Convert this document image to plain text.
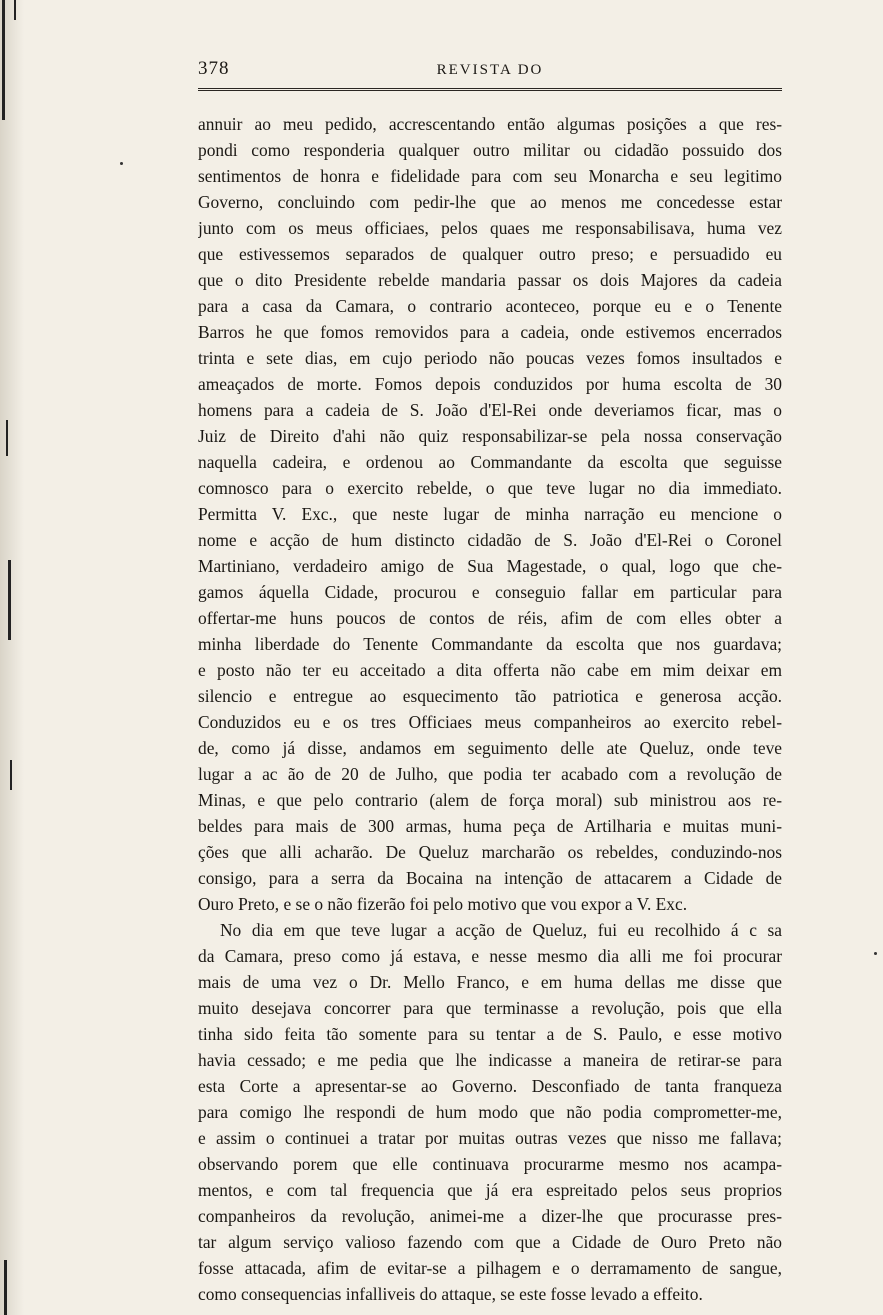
378	REVISTA DO
annuir ao meu pedido, accrescentando então algumas posições a que res-
pondi como responderia qualquer outro militar ou cidadão possuido dos
sentimentos de honra e fidelidade para com seu Monarcha e seu legitimo
Governo, concluindo com pedir-lhe que ao menos me concedesse estar
junto com os meus officiaes, pelos quaes me responsabilisava, huma vez
que estivessemos separados de qualquer outro preso; e persuadido eu
que o dito Presidente rebelde mandaria passar os dois Majores da cadeia
para a casa da Camara, o contrario aconteceo, porque eu e o Tenente
Barros he que fomos removidos para a cadeia, onde estivemos encerrados
trinta e sete dias, em cujo periodo não poucas vezes fomos insultados e
ameaçados de morte. Fomos depois conduzidos por huma escolta de 30
homens para a cadeia de S. João d'El-Rei onde deveriamos ficar, mas o
Juiz de Direito d'ahi não quiz responsabilizar-se pela nossa conservação
naquella cadeira, e ordenou ao Commandante da escolta que seguisse
comnosco para o exercito rebelde, o que teve lugar no dia immediato.
Permitta V. Exc., que neste lugar de minha narração eu mencione o
nome e acção de hum distincto cidadão de S. João d'El-Rei o Coronel
Martiniano, verdadeiro amigo de Sua Magestade, o qual, logo que che-
gamos áquella Cidade, procurou e conseguio fallar em particular para
offertar-me huns poucos de contos de réis, afim de com elles obter a
minha liberdade do Tenente Commandante da escolta que nos guardava;
e posto não ter eu acceitado a dita offerta não cabe em mim deixar em
silencio e entregue ao esquecimento tão patriotica e generosa acção.
Conduzidos eu e os tres Officiaes meus companheiros ao exercito rebel-
de, como já disse, andamos em seguimento delle ate Queluz, onde teve
lugar a ac ão de 20 de Julho, que podia ter acabado com a revolução de
Minas, e que pelo contrario (alem de força moral) sub ministrou aos re-
beldes para mais de 300 armas, huma peça de Artilharia e muitas muni-
ções que alli acharão. De Queluz marcharão os rebeldes, conduzindo-nos
consigo, para a serra da Bocaina na intenção de attacarem a Cidade de
Ouro Preto, e se o não fizerão foi pelo motivo que vou expor a V. Exc.
No dia em que teve lugar a acção de Queluz, fui eu recolhido á c sa
da Camara, preso como já estava, e nesse mesmo dia alli me foi procurar
mais de uma vez o Dr. Mello Franco, e em huma dellas me disse que
muito desejava concorrer para que terminasse a revolução, pois que ella
tinha sido feita tão somente para su tentar a de S. Paulo, e esse motivo
havia cessado; e me pedia que lhe indicasse a maneira de retirar-se para
esta Corte a apresentar-se ao Governo. Desconfiado de tanta franqueza
para comigo lhe respondi de hum modo que não podia comprometter-me,
e assim o continuei a tratar por muitas outras vezes que nisso me fallava;
observando porem que elle continuava procurarme mesmo nos acampa-
mentos, e com tal frequencia que já era espreitado pelos seus proprios
companheiros da revolução, animei-me a dizer-lhe que procurasse pres-
tar algum serviço valioso fazendo com que a Cidade de Ouro Preto não
fosse attacada, afim de evitar-se a pilhagem e o derramamento de sangue,
como consequencias infalliveis do attaque, se este fosse levado a effeito.
